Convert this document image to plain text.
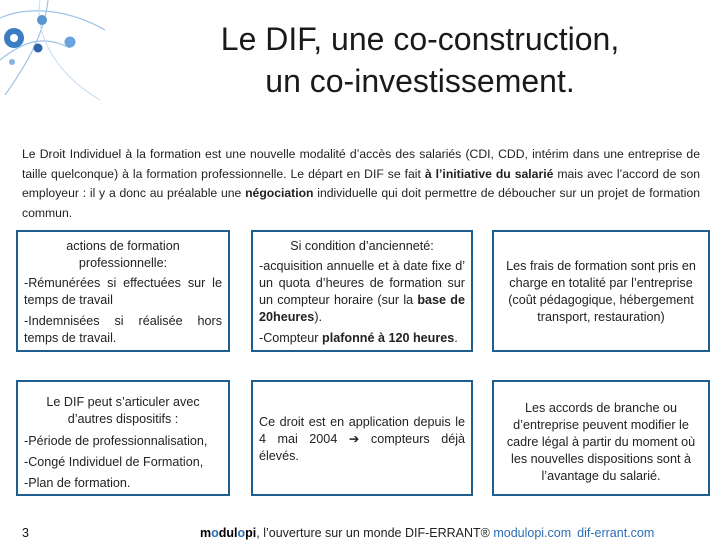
Le DIF, une co-construction,
un co-investissement.
Le Droit Individuel à la formation est une nouvelle modalité d’accès des salariés (CDI, CDD, intérim dans une entreprise de taille quelconque) à la formation professionnelle. Le départ en DIF se fait à l’initiative du salarié mais avec l’accord de son employeur : il y a donc au préalable une négociation individuelle qui doit permettre de déboucher sur un projet de formation commun.

actions de formation professionnelle:

-Rémunérées si effectuées sur le temps de travail

-Indemnisées si réalisée hors temps de travail.

Si condition d’ancienneté:

-acquisition annuelle et à date fixe d’ un quota d’heures de formation sur un compteur horaire (sur la base de 20heures).

-Compteur plafonné à 120 heures.

Les frais de formation sont pris en charge en totalité par l’entreprise (coût pédagogique, hébergement transport, restauration)

Le DIF peut s’articuler avec d’autres dispositifs :

-Période de professionnalisation,

-Congé Individuel de Formation,

-Plan de formation.

Ce droit est en application depuis le 4 mai 2004 ➔ compteurs déjà élevés.

Les accords de branche ou d’entreprise peuvent modifier le cadre légal à partir du moment où les nouvelles dispositions sont à l’avantage du salarié.

3	modulopi, l’ouverture sur un monde DIF-ERRANT® modulopi.com dif-errant.com
